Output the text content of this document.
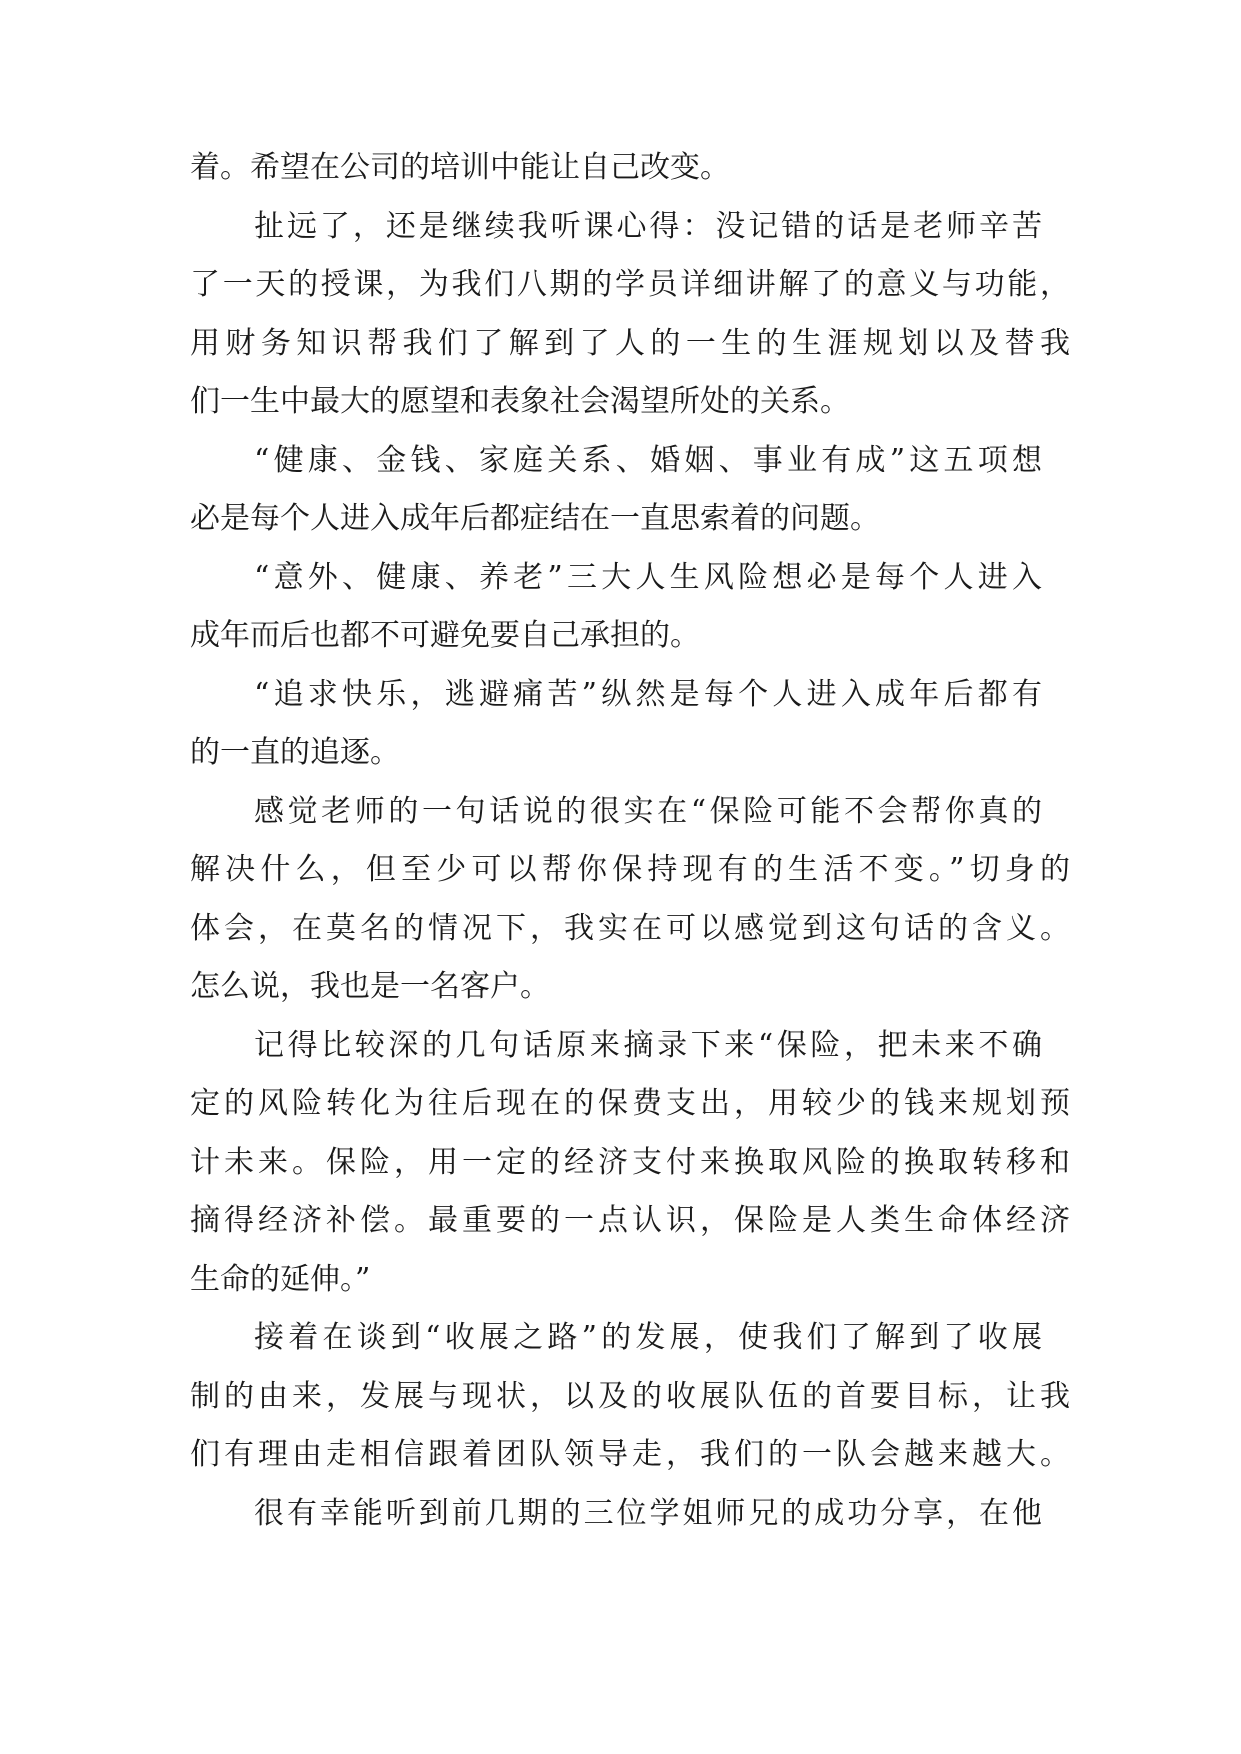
着。希望在公司的培训中能让自己改变。
扯远了，还是继续我听课心得：没记错的话是老师辛苦
了一天的授课，为我们八期的学员详细讲解了的意义与功能，
用财务知识帮我们了解到了人的一生的生涯规划以及替我
们一生中最大的愿望和表象社会渴望所处的关系。
“健康、金钱、家庭关系、婚姻、事业有成”这五项想
必是每个人进入成年后都症结在一直思索着的问题。
“意外、健康、养老”三大人生风险想必是每个人进入
成年而后也都不可避免要自己承担的。
“追求快乐，逃避痛苦”纵然是每个人进入成年后都有
的一直的追逐。
感觉老师的一句话说的很实在“保险可能不会帮你真的
解决什么，但至少可以帮你保持现有的生活不变。”切身的
体会，在莫名的情况下，我实在可以感觉到这句话的含义。
怎么说，我也是一名客户。
记得比较深的几句话原来摘录下来“保险，把未来不确
定的风险转化为往后现在的保费支出，用较少的钱来规划预
计未来。保险，用一定的经济支付来换取风险的换取转移和
摘得经济补偿。最重要的一点认识，保险是人类生命体经济
生命的延伸。”
接着在谈到“收展之路”的发展，使我们了解到了收展
制的由来，发展与现状，以及的收展队伍的首要目标，让我
们有理由走相信跟着团队领导走，我们的一队会越来越大。
很有幸能听到前几期的三位学姐师兄的成功分享，在他
